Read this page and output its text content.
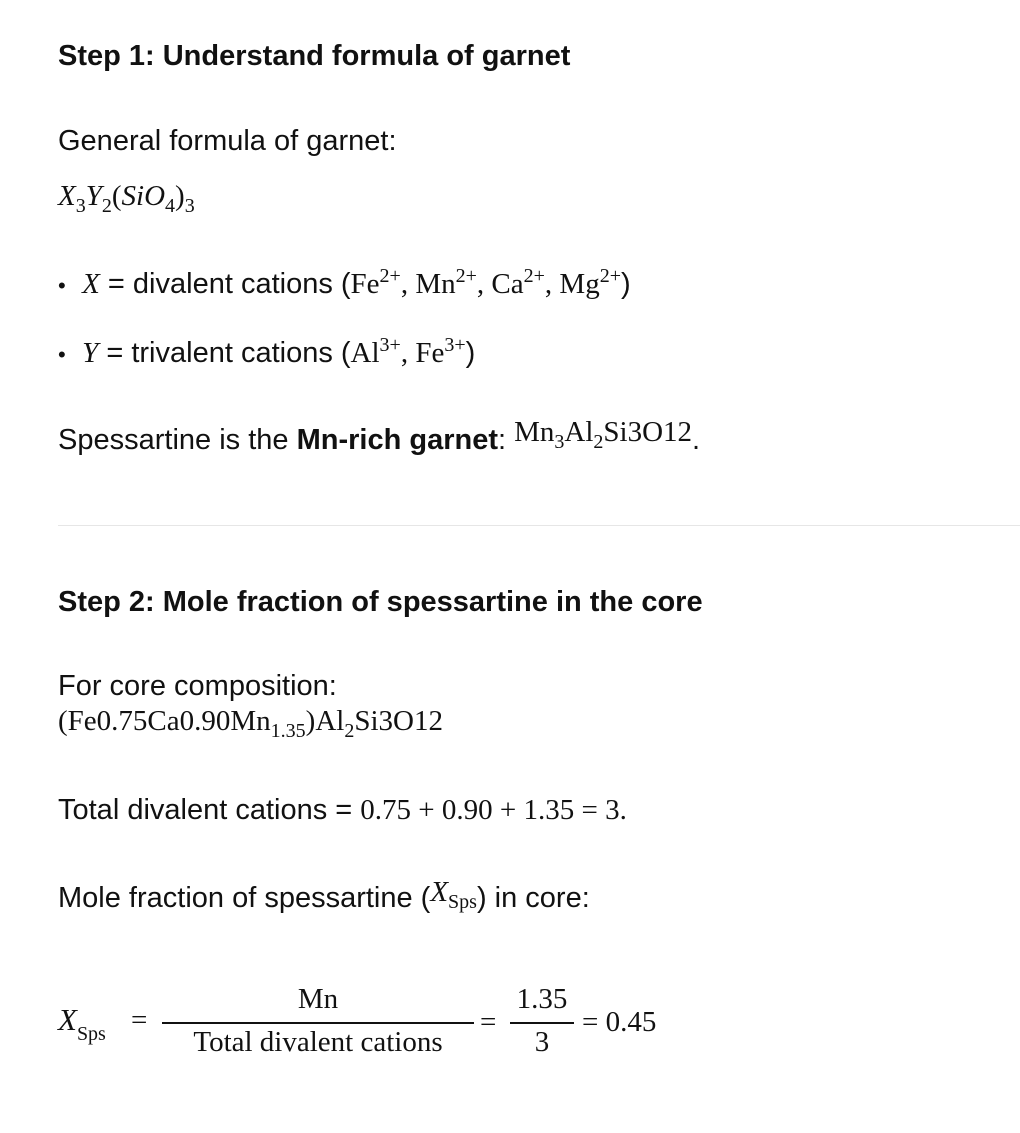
Step 1: Understand formula of garnet
General formula of garnet:
$X_3Y_2(SiO_4)_3$
• X = divalent cations (Fe2+, Mn2+, Ca2+, Mg2+)
• Y = trivalent cations (Al3+, Fe3+)
Spessartine is the Mn-rich garnet: $Mn_3Al_2Si3O12$.
Step 2: Mole fraction of spessartine in the core
For core composition:
$(Fe0.75Ca0.90Mn_{1.35})Al_2Si3O12$
Total divalent cations = 0.75 + 0.90 + 1.35 = 3.
Mole fraction of spessartine $(X_{Sps})$ in core:
$X_{Sps}$ =
Mn
Total divalent cations
=
1.35
3
= 0.45
